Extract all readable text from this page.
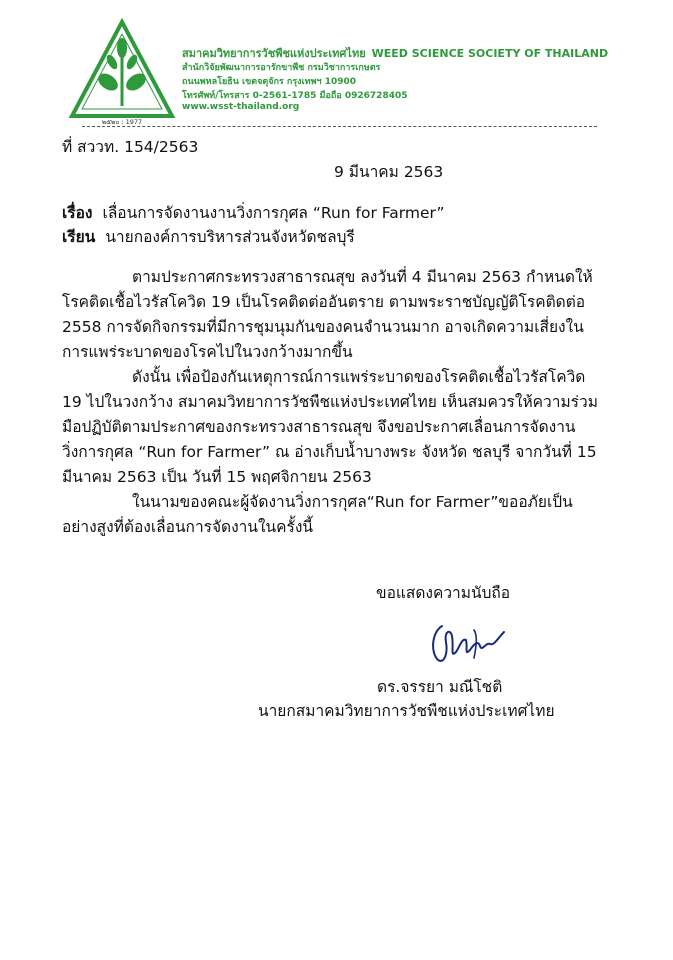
๒๕๒๐ : 1977
สมาคมวิทยาการวัชพืชแห่งประเทศไทย WEED SCIENCE SOCIETY OF THAILAND
สำนักวิจัยพัฒนาการอารักขาพืช กรมวิชาการเกษตร
ถนนพหลโยธิน เขตจตุจักร กรุงเทพฯ 10900
โทรศัพท์/โทรสาร 0-2561-1785 มือถือ 0926728405
www.wsst-thailand.org
ที่ สววท. 154/2563
9 มีนาคม 2563
เรื่อง เลื่อนการจัดงานงานวิ่งการกุศล “Run for Farmer”
เรียน นายกองค์การบริหารส่วนจังหวัดชลบุรี
ตามประกาศกระทรวงสาธารณสุข ลงวันที่ 4 มีนาคม 2563 กำหนดให้
โรคติดเชื้อไวรัสโควิด 19 เป็นโรคติดต่ออันตราย ตามพระราชบัญญัติโรคติดต่อ
2558 การจัดกิจกรรมที่มีการชุมนุมกันของคนจำนวนมาก อาจเกิดความเสี่ยงใน
การแพร่ระบาดของโรคไปในวงกว้างมากขึ้น
ดังนั้น เพื่อป้องกันเหตุการณ์การแพร่ระบาดของโรคติดเชื้อไวรัสโควิด
19 ไปในวงกว้าง สมาคมวิทยาการวัชพืชแห่งประเทศไทย เห็นสมควรให้ความร่วม
มือปฏิบัติตามประกาศของกระทรวงสาธารณสุข จึงขอประกาศเลื่อนการจัดงาน
วิ่งการกุศล “Run for Farmer” ณ อ่างเก็บน้ำบางพระ จังหวัด ชลบุรี จากวันที่ 15
มีนาคม 2563 เป็น วันที่ 15 พฤศจิกายน 2563
ในนามของคณะผู้จัดงานวิ่งการกุศล“Run for Farmer”ขออภัยเป็น
อย่างสูงที่ต้องเลื่อนการจัดงานในครั้งนี้
ขอแสดงความนับถือ
ดร.จรรยา มณีโชติ
นายกสมาคมวิทยาการวัชพืชแห่งประเทศไทย
